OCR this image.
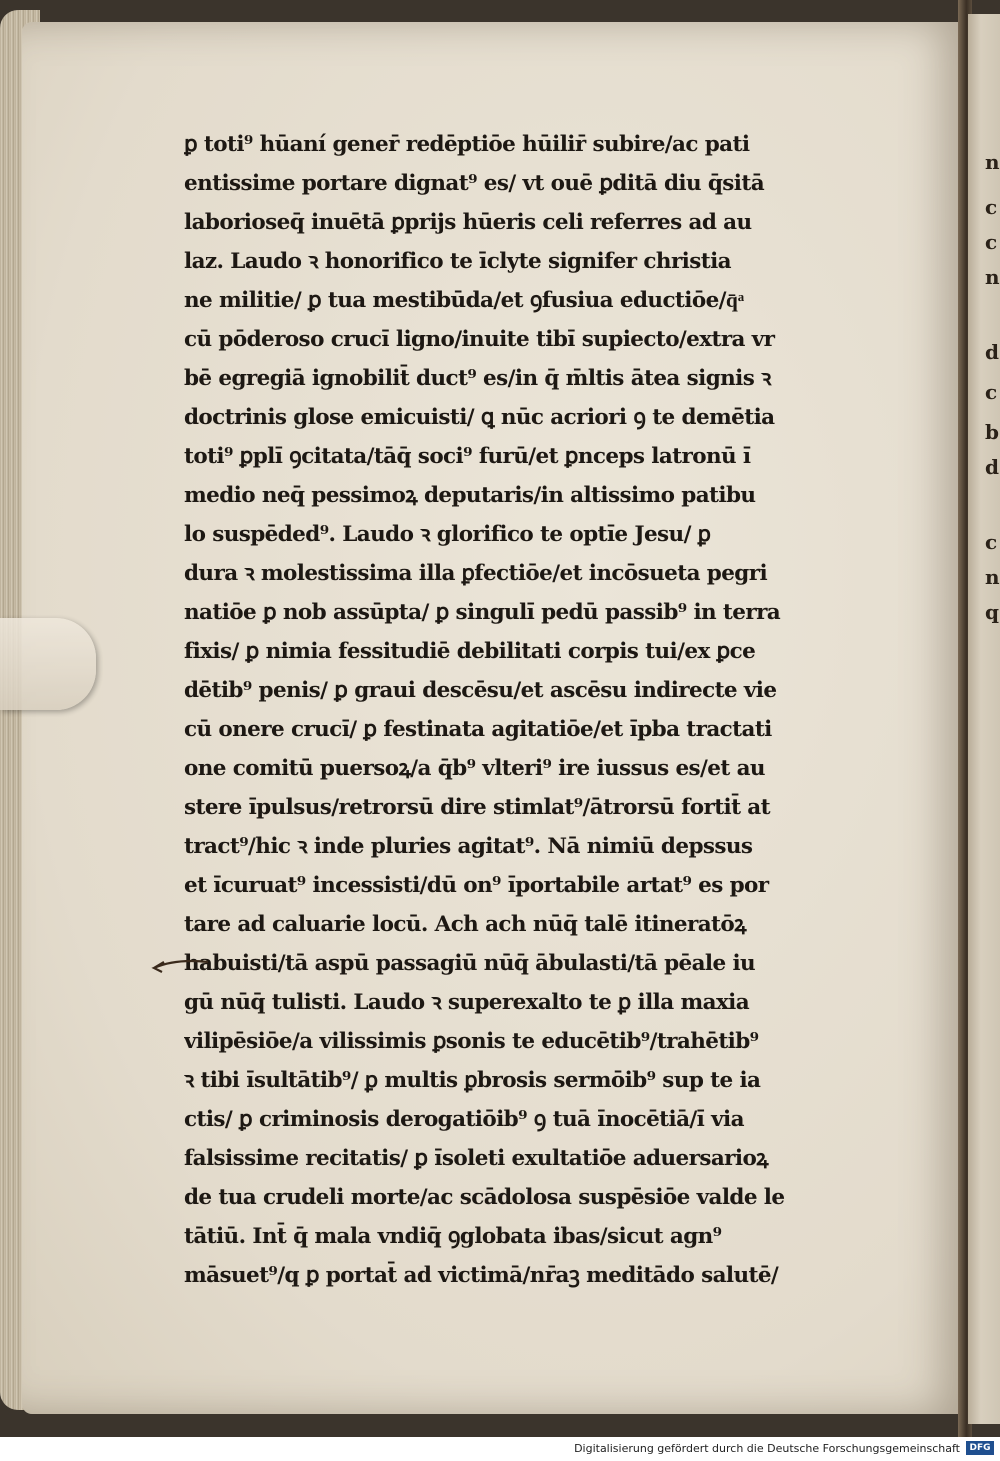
n
c
c
n
d
c
b
d
c
n
q
ꝑ toti⁹ hūanı́ gener̄ redēptiōe hūilir̄ subire/ac pati
entissime portare dignat⁹ es/ vt ouē ꝑditā diu q̄sitā
laborioseq̄ inuētā ꝑprijs hūeris celi referres ad au
laz. Laudo ꝛ honorifico te īclyte signifer christia
ne militie/ ꝑ tua mestibūda/et ꝯfusiua eductiōe/q̄ͣ
cū pōderoso crucı̄ ligno/inuite tibı̄ supiecto/extra vr
bē egregiā ignobilit̄ duct⁹ es/in q̄ m̄ltis ātea signis ꝛ
doctrinis glose emicuisti/ ꝗ nūc acriori ꝯ te demētia
toti⁹ ꝑplı̄ ꝯcitata/tāq̄ soci⁹ furū/et ꝑnceps latronū ı̄
medio neq̄ pessimoꝝ deputaris/in altissimo patibu
lo suspēded⁹. Laudo ꝛ glorifico te optı̄e Jesu/ ꝑ
dura ꝛ molestissima illa ꝑfectiōe/et incōsueta pegri
natiōe ꝑ nob assūpta/ ꝑ singulı̄ pedū passib⁹ in terra
fixis/ ꝑ nimia fessitudiē debilitati corpis tui/ex ꝑce
dētib⁹ penis/ ꝑ graui descēsu/et ascēsu indirecte vie
cū onere crucı̄/ ꝑ festinata agitatiōe/et ı̄pba tractati
one comitū puersoꝝ/a q̄b⁹ vlteri⁹ ire iussus es/et au
stere ı̄pulsus/retrorsū dire stimlat⁹/ātrorsū fortit̄ at
tract⁹/hic ꝛ inde pluries agitat⁹. Nā nimiū depssus
et ı̄curuat⁹ incessisti/dū on⁹ ı̄portabile artat⁹ es por
tare ad caluarie locū. Ach ach nūq̄ talē itineratōꝝ
habuisti/tā aspū passagiū nūq̄ ābulasti/tā pēale iu
gū nūq̄ tulisti. Laudo ꝛ superexalto te ꝑ illa maxia
vilipēsiōe/a vilissimis ꝑsonis te educētib⁹/trahētib⁹
ꝛ tibi ı̄sultātib⁹/ ꝑ multis ꝑbrosis sermōib⁹ sup te ia
ctis/ ꝑ criminosis derogatiōib⁹ ꝯ tuā ı̄nocētiā/ı̄ via
falsissime recitatis/ ꝑ ı̄soleti exultatiōe aduersarioꝝ
de tua crudeli morte/ac scādolosa suspēsiōe valde le
tātiū. Int̄ q̄ mala vndiq̄ ꝯglobata ibas/sicut agn⁹
māsuet⁹/q ꝑ portat̄ ad victimā/nr̄aꝫ meditādo salutē/
Digitalisierung gefördert durch die Deutsche Forschungsgemeinschaft	DFG
